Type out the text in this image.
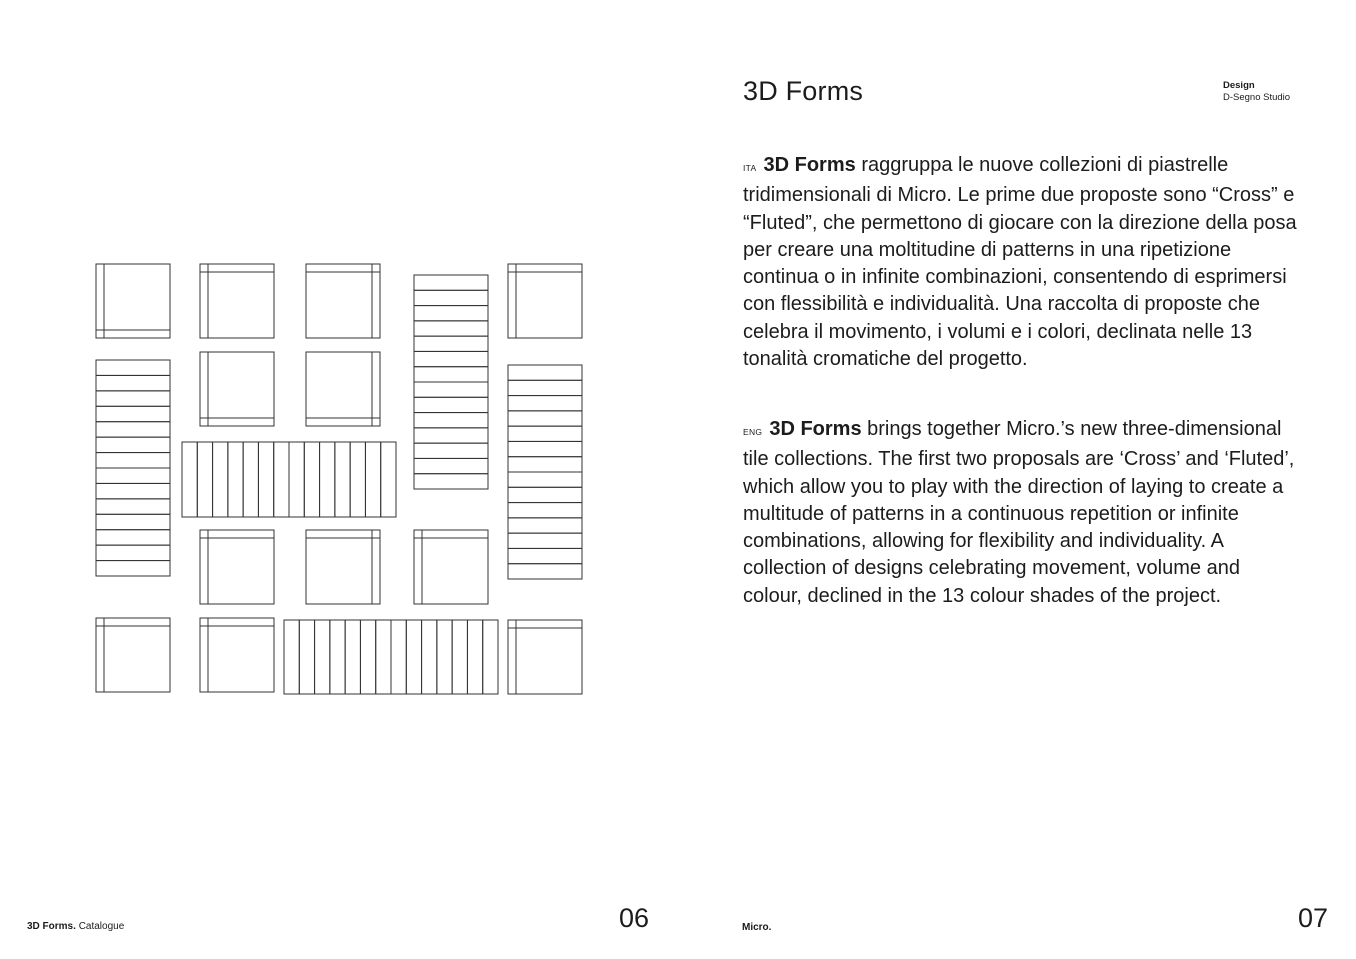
3D Forms. Catalogue	06
3D Forms	Design
D-Segno Studio

ITA 3D Forms raggruppa le nuove collezioni di piastrelle tridimensionali di Micro. Le prime due proposte sono “Cross” e “Fluted”, che permettono di giocare con la direzione della posa per creare una moltitudine di patterns in una ripetizione continua o in infinite combinazioni, consentendo di esprimersi con flessibilità e individualità. Una raccolta di proposte che celebra il movimento, i volumi e i colori, declinata nelle 13 tonalità cromatiche del progetto.

ENG 3D Forms brings together Micro.’s new three-dimensional tile collections. The first two proposals are ‘Cross’ and ‘Fluted’, which allow you to play with the direction of laying to create a multitude of patterns in a continuous repetition or infinite combinations, allowing for flexibility and individuality. A collection of designs celebrating movement, volume and colour, declined in the 13 colour shades of the project.

Micro.	07
